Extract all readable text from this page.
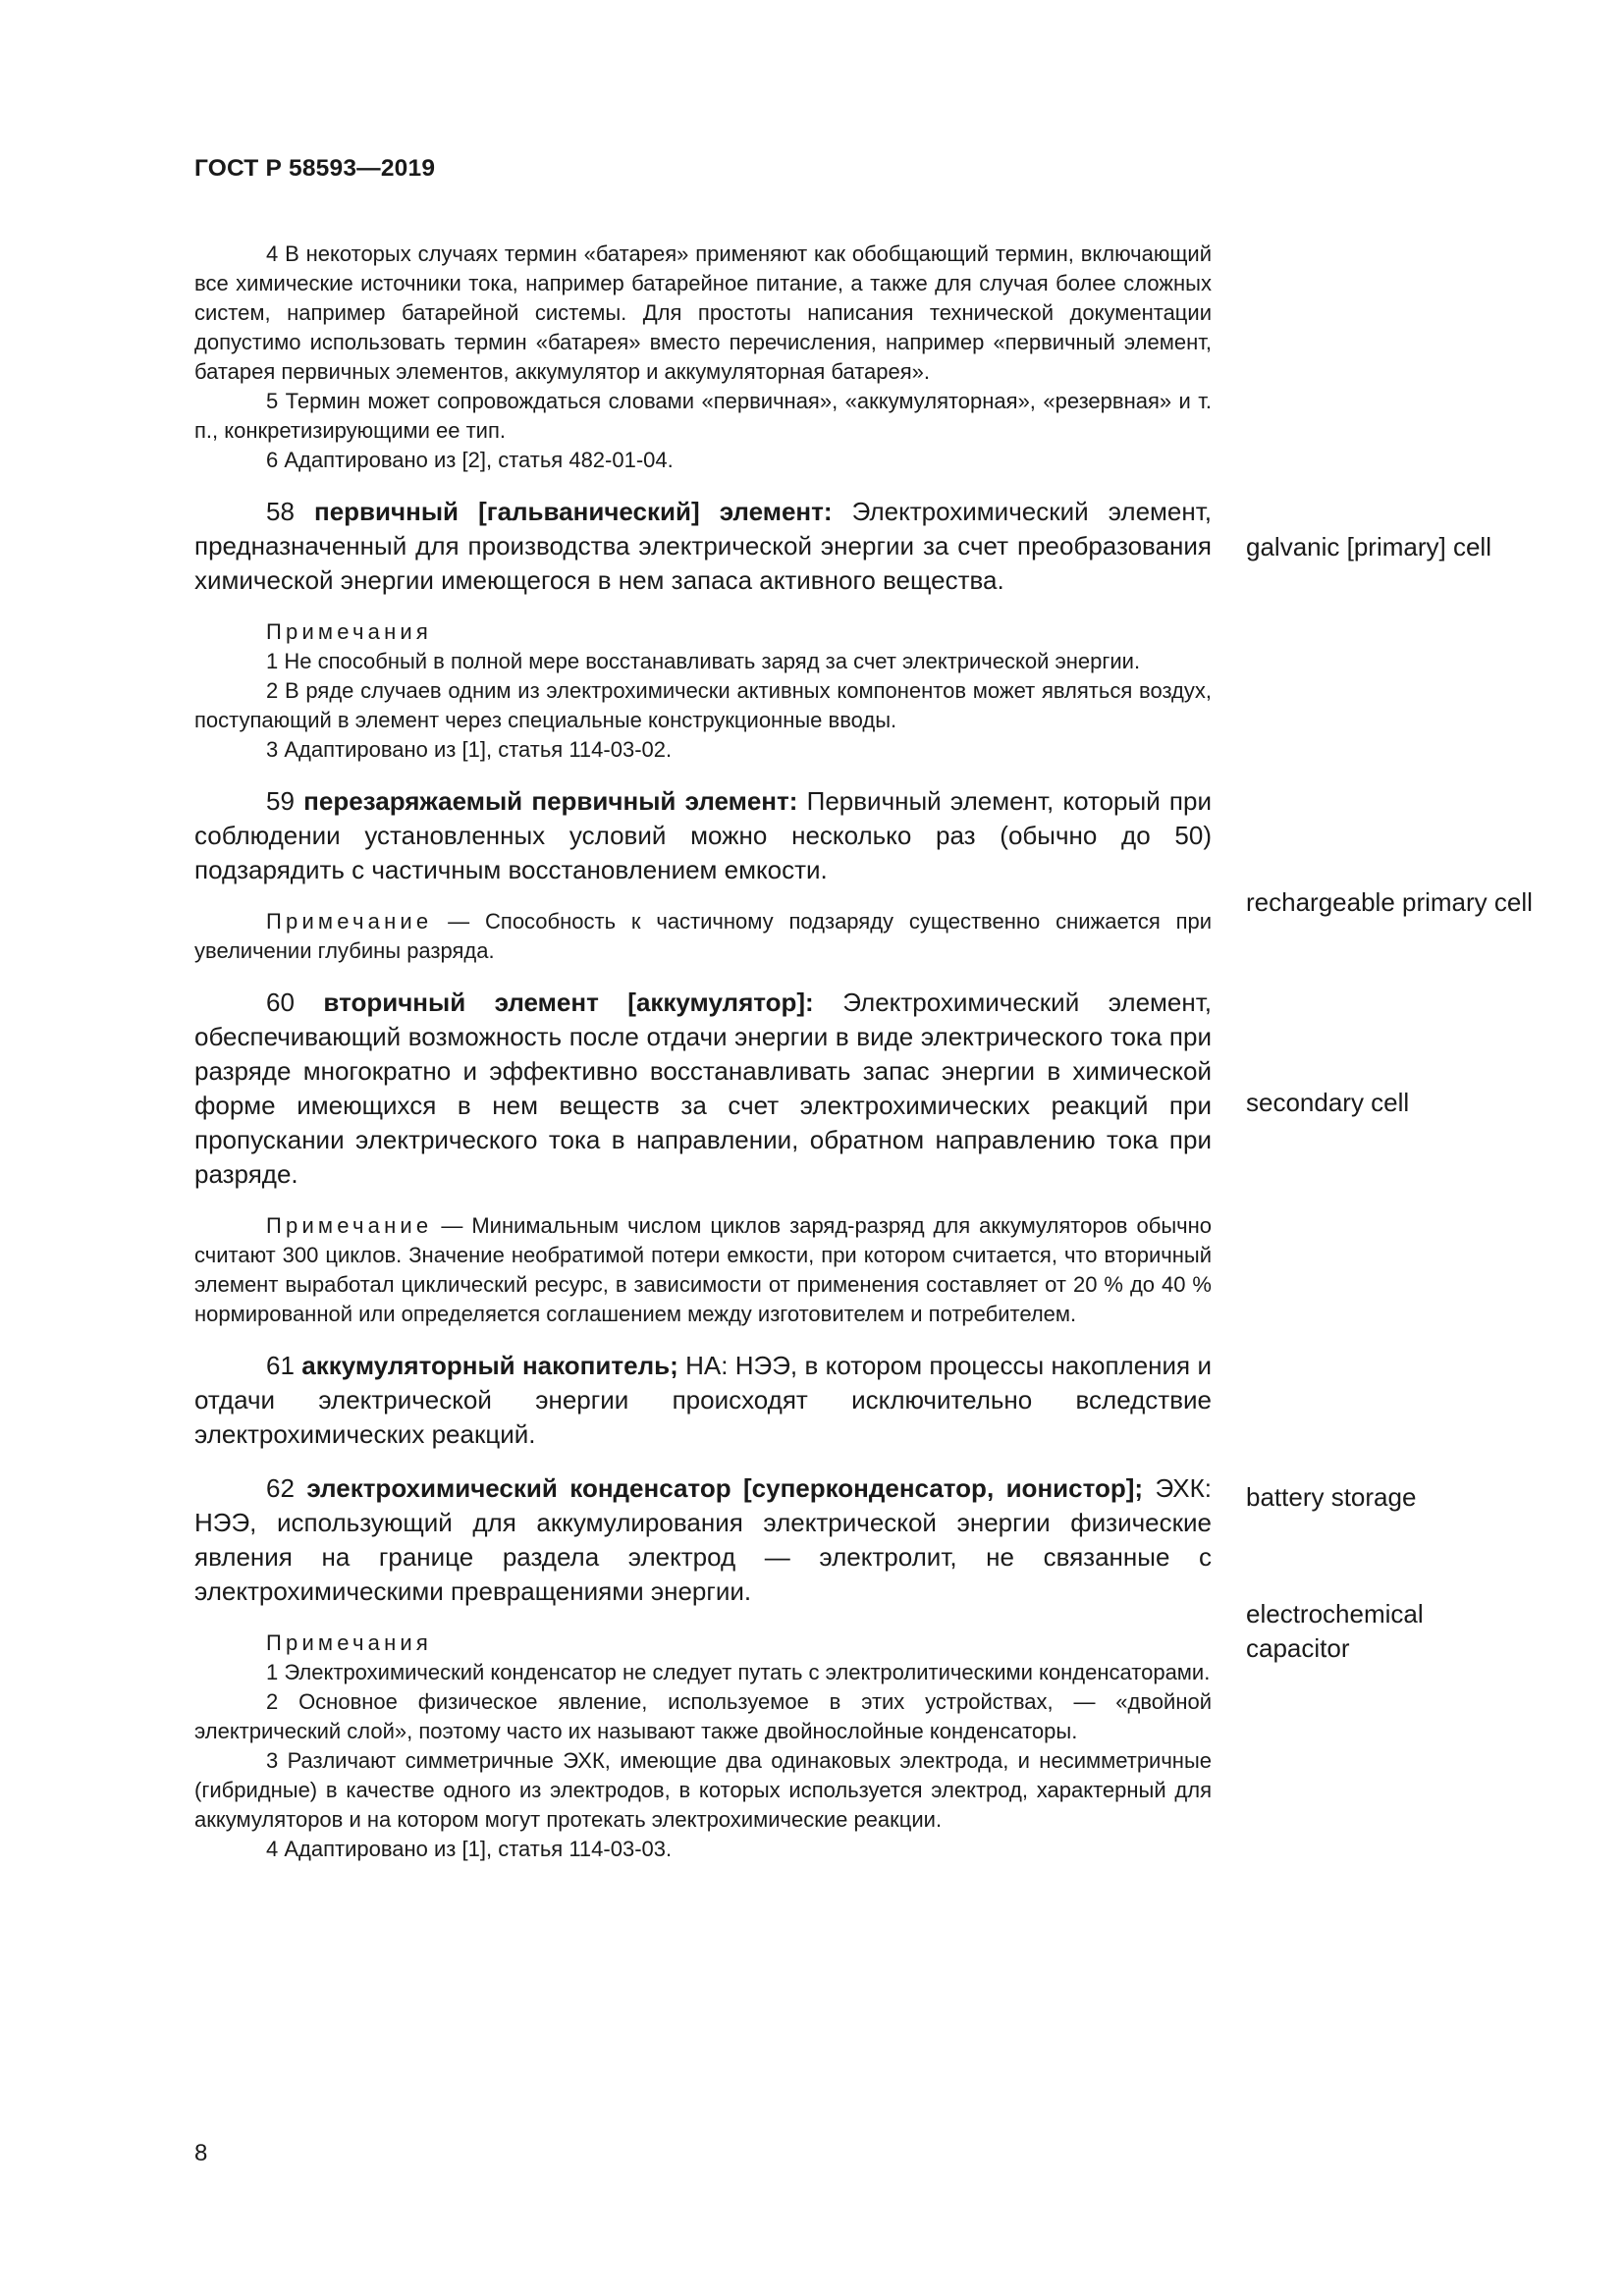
ГОСТ Р 58593—2019

4 В некоторых случаях термин «батарея» применяют как обобщающий термин, включающий все химические источники тока, например батарейное питание, а также для случая более сложных систем, например батарейной системы. Для простоты написания технической документации допустимо использовать термин «батарея» вместо перечисления, например «первичный элемент, батарея первичных элементов, аккумулятор и аккумуляторная батарея».

5 Термин может сопровождаться словами «первичная», «аккумуляторная», «резервная» и т. п., конкретизирующими ее тип.

6 Адаптировано из [2], статья 482-01-04.

58 первичный [гальванический] элемент: Электрохимический элемент, предназначенный для производства электрической энергии за счет преобразования химической энергии имеющегося в нем запаса активного вещества.

Примечания

1 Не способный в полной мере восстанавливать заряд за счет электрической энергии.

2 В ряде случаев одним из электрохимически активных компонентов может являться воздух, поступающий в элемент через специальные конструкционные вводы.

3 Адаптировано из [1], статья 114-03-02.

59 перезаряжаемый первичный элемент: Первичный элемент, который при соблюдении установленных условий можно несколько раз (обычно до 50) подзарядить с частичным восстановлением емкости.

Примечание — Способность к частичному подзаряду существенно снижается при увеличении глубины разряда.

60 вторичный элемент [аккумулятор]: Электрохимический элемент, обеспечивающий возможность после отдачи энергии в виде электрического тока при разряде многократно и эффективно восстанавливать запас энергии в химической форме имеющихся в нем веществ за счет электрохимических реакций при пропускании электрического тока в направлении, обратном направлению тока при разряде.

Примечание — Минимальным числом циклов заряд-разряд для аккумуляторов обычно считают 300 циклов. Значение необратимой потери емкости, при котором считается, что вторичный элемент выработал циклический ресурс, в зависимости от применения составляет от 20 % до 40 % нормированной или определяется соглашением между изготовителем и потребителем.

61 аккумуляторный накопитель; НА: НЭЭ, в котором процессы накопления и отдачи электрической энергии происходят исключительно вследствие электрохимических реакций.

62 электрохимический конденсатор [суперконденсатор, ионистор]; ЭХК: НЭЭ, использующий для аккумулирования электрической энергии физические явления на границе раздела электрод — электролит, не связанные с электрохимическими превращениями энергии.

Примечания

1 Электрохимический конденсатор не следует путать с электролитическими конденсаторами.

2 Основное физическое явление, используемое в этих устройствах, — «двойной электрический слой», поэтому часто их называют также двойнослойные конденсаторы.

3 Различают симметричные ЭХК, имеющие два одинаковых электрода, и несимметричные (гибридные) в качестве одного из электродов, в которых используется электрод, характерный для аккумуляторов и на котором могут протекать электрохимические реакции.

4 Адаптировано из [1], статья 114-03-03.

galvanic [primary] cell
rechargeable primary cell
secondary cell
battery storage
electrochemical capacitor
8
